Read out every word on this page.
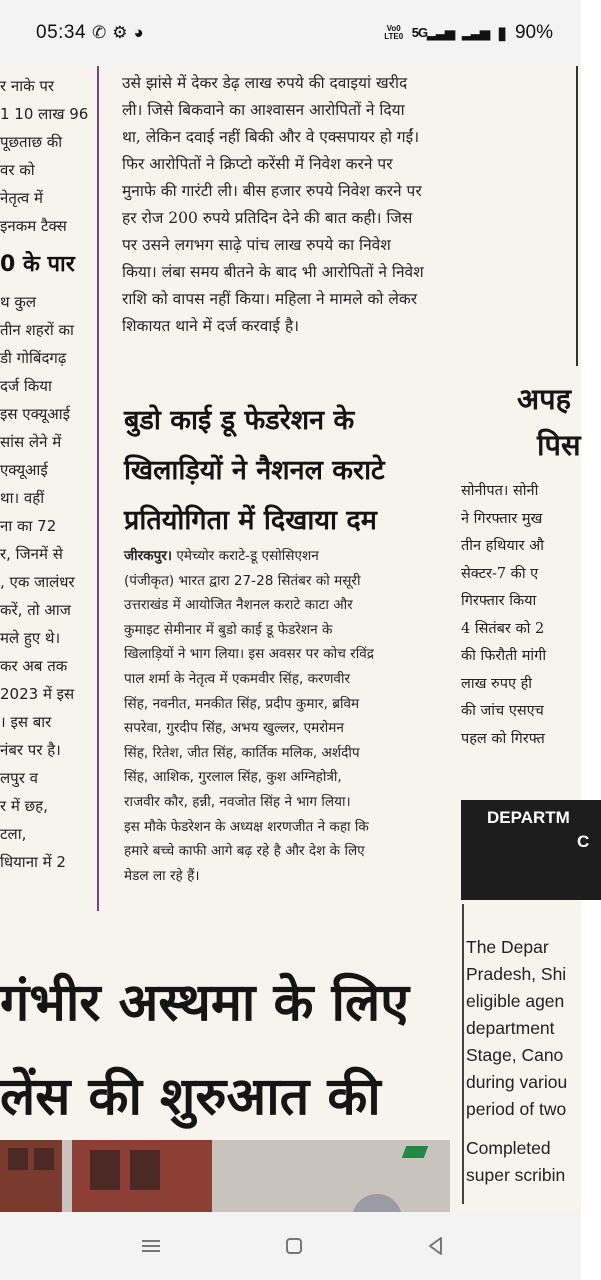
05:34 ✆ ⚙ ◕	Vo0 LTE0 5G▂▃▅ ▂▃▅ ▮ 90%
र नाके पर
1 10 लाख 96
पूछताछ की
वर को
नेतृत्व में
इनकम टैक्स
0 के पार
थ कुल
तीन शहरों का
डी गोबिंदगढ़
दर्ज किया
इस एक्यूआई
सांस लेने में
एक्यूआई
था। वहीं
ना का 72
र, जिनमें से
, एक जालंधर
करें, तो आज
मले हुए थे।
कर अब तक
2023 में इस
। इस बार
नंबर पर है।
लपुर व
र में छह,
टला,
धियाना में 2
उसे झांसे में देकर डेढ़ लाख रुपये की दवाइयां खरीद
ली। जिसे बिकवाने का आश्वासन आरोपितों ने दिया
था, लेकिन दवाई नहीं बिकी और वे एक्सपायर हो गईं।
फिर आरोपितों ने क्रिप्टो करेंसी में निवेश करने पर
मुनाफे की गारंटी ली। बीस हजार रुपये निवेश करने पर
हर रोज 200 रुपये प्रतिदिन देने की बात कही। जिस
पर उसने लगभग साढ़े पांच लाख रुपये का निवेश
किया। लंबा समय बीतने के बाद भी आरोपितों ने निवेश
राशि को वापस नहीं किया। महिला ने मामले को लेकर
शिकायत थाने में दर्ज करवाई है।
बुडो काई डू फेडरेशन के
खिलाड़ियों ने नैशनल कराटे
प्रतियोगिता में दिखाया दम
जीरकपुर। एमेच्योर कराटे-डू एसोसिएशन
(पंजीकृत) भारत द्वारा 27-28 सितंबर को मसूरी
उत्तराखंड में आयोजित नैशनल कराटे काटा और
कुमाइट सेमीनार में बुडो काई डू फेडरेशन के
खिलाड़ियों ने भाग लिया। इस अवसर पर कोच रविंद्र
पाल शर्मा के नेतृत्व में एकमवीर सिंह, करणवीर
सिंह, नवनीत, मनकीत सिंह, प्रदीप कुमार, ब्रविम
सपरेवा, गुरदीप सिंह, अभय खुल्लर, एमरोमन
सिंह, रितेश, जीत सिंह, कार्तिक मलिक, अर्शदीप
सिंह, आशिक, गुरलाल सिंह, कुश अग्निहोत्री,
राजवीर कौर, हन्नी, नवजोत सिंह ने भाग लिया।
इस मौके फेडरेशन के अध्यक्ष शरणजीत ने कहा कि
हमारे बच्चे काफी आगे बढ़ रहे है और देश के लिए
मेडल ला रहे हैं।
अपह
पिस
सोनीपत। सोनी
ने गिरफ्तार मुख
तीन हथियार औ
सेक्टर-7 की ए
गिरफ्तार किया
4 सितंबर को 2
की फिरौती मांगी
लाख रुपए ही
की जांच एसएच
पहल को गिरफ्त
DEPARTM
C
The Depar
Pradesh, Shi
eligible agen
department
Stage, Cano
during variou
period of two
Completed
super scribin
गंभीर अस्थमा के लिए
लेंस की शुरुआत की
